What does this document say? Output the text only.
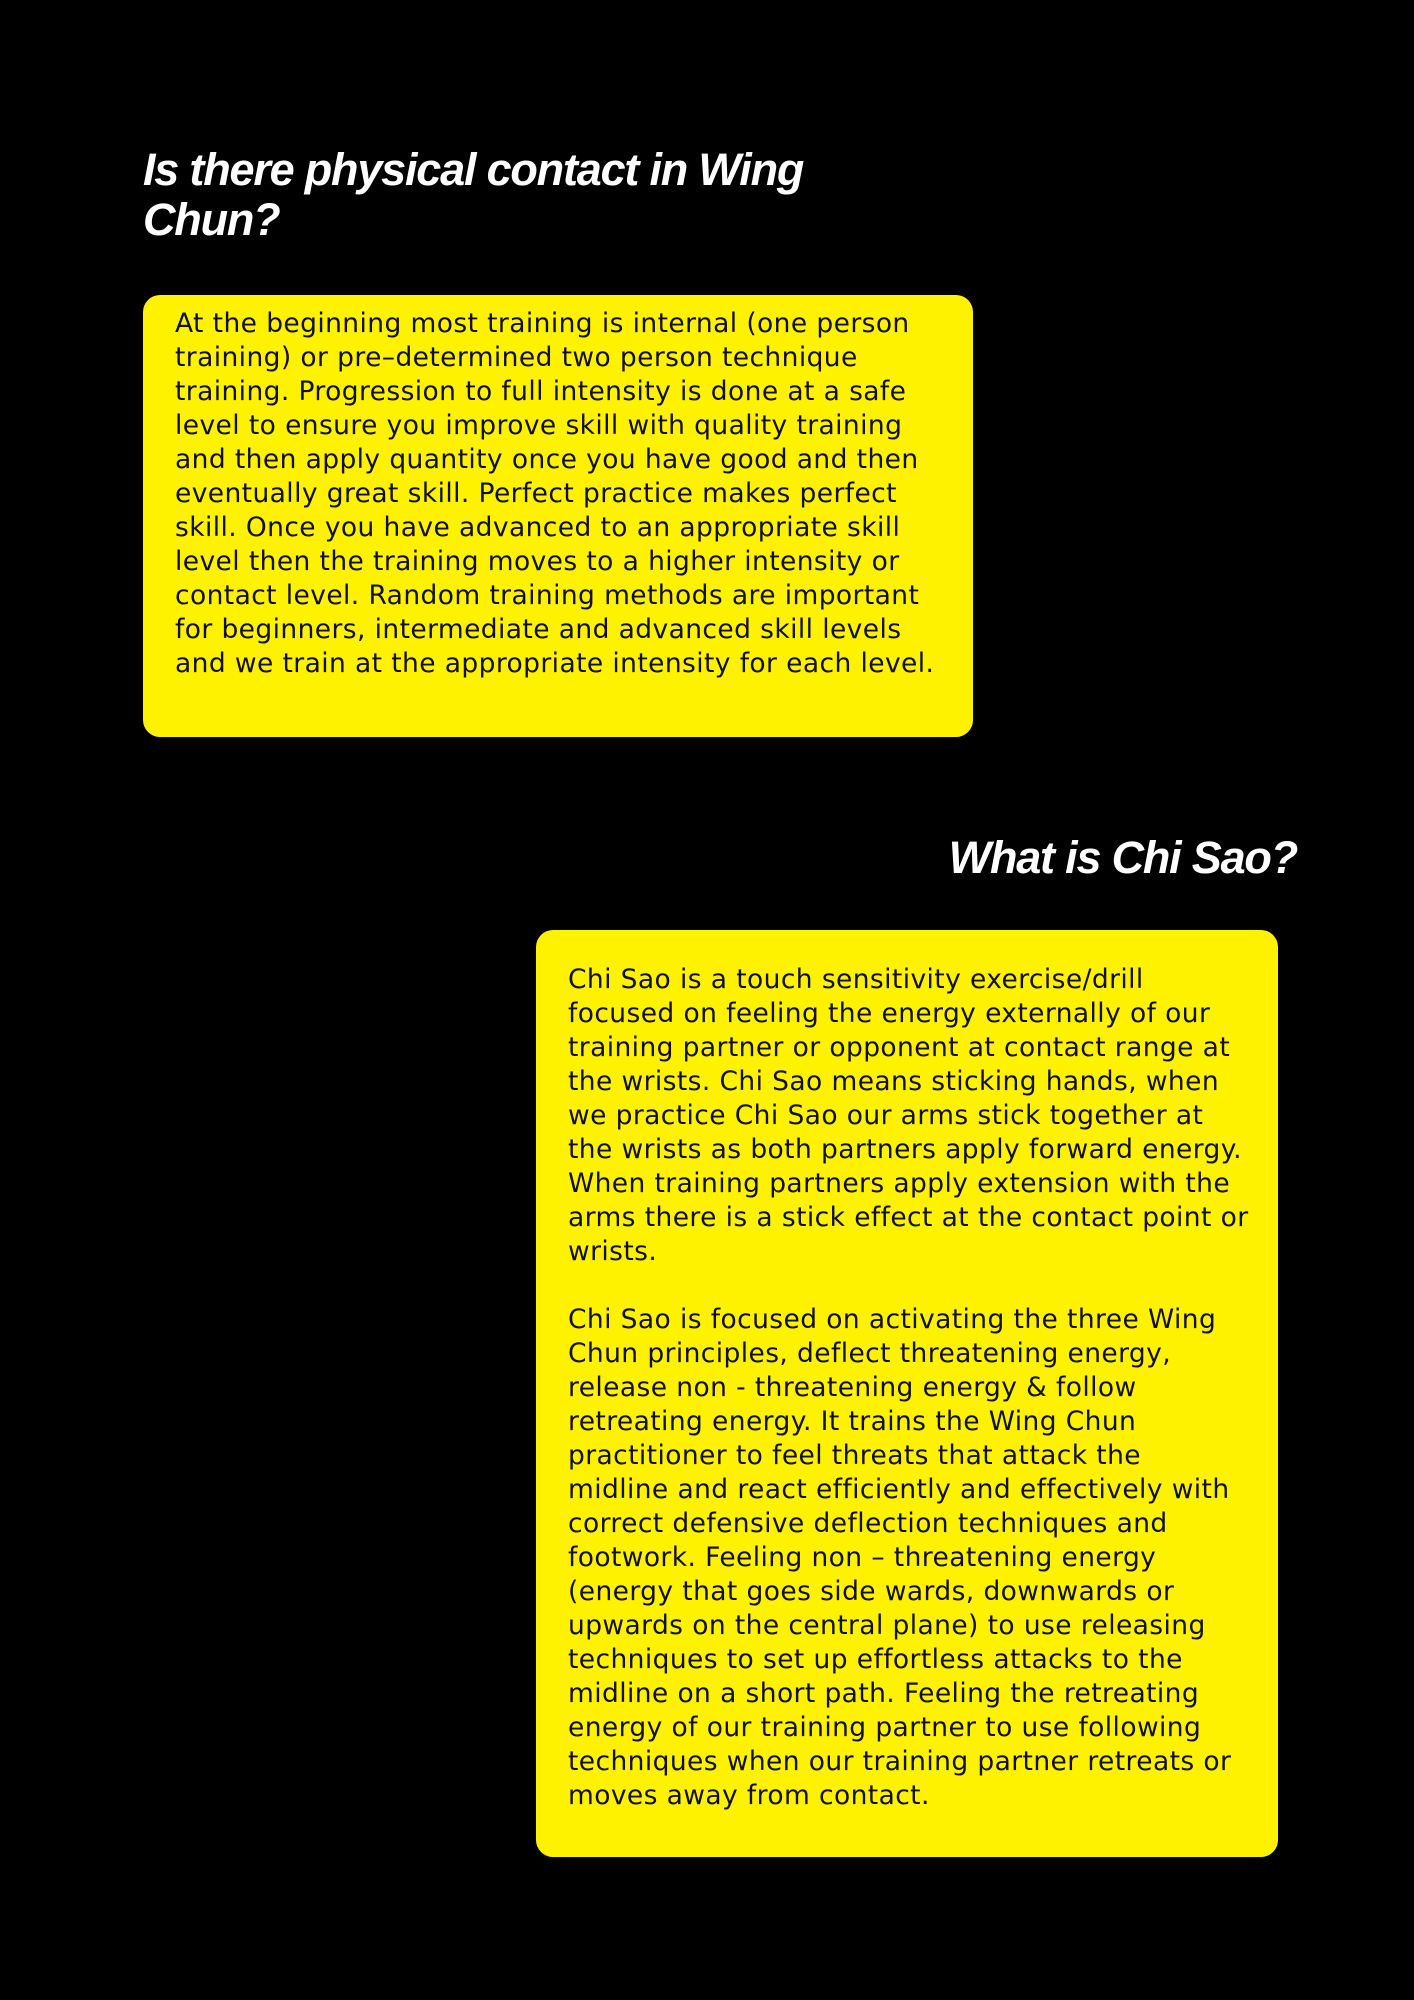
Is there physical contact in Wing Chun?

At the beginning most training is internal (one person training) or pre–determined two person technique training. Progression to full intensity is done at a safe level to ensure you improve skill with quality training and then apply quantity once you have good and then eventually great skill. Perfect practice makes perfect skill. Once you have advanced to an appropriate skill level then the training moves to a higher intensity or contact level. Random training methods are important for beginners, intermediate and advanced skill levels and we train at the appropriate intensity for each level.

What is Chi Sao?

Chi Sao is a touch sensitivity exercise/drill focused on feeling the energy externally of our training partner or opponent at contact range at the wrists. Chi Sao means sticking hands, when we practice Chi Sao our arms stick together at the wrists as both partners apply forward energy. When training partners apply extension with the arms there is a stick effect at the contact point or wrists.

Chi Sao is focused on activating the three Wing Chun principles, deflect threatening energy, release non - threatening energy & follow retreating energy. It trains the Wing Chun practitioner to feel threats that attack the midline and react efficiently and effectively with correct defensive deflection techniques and footwork. Feeling non – threatening energy (energy that goes side wards, downwards or upwards on the central plane) to use releasing techniques to set up effortless attacks to the midline on a short path. Feeling the retreating energy of our training partner to use following techniques when our training partner retreats or moves away from contact.
